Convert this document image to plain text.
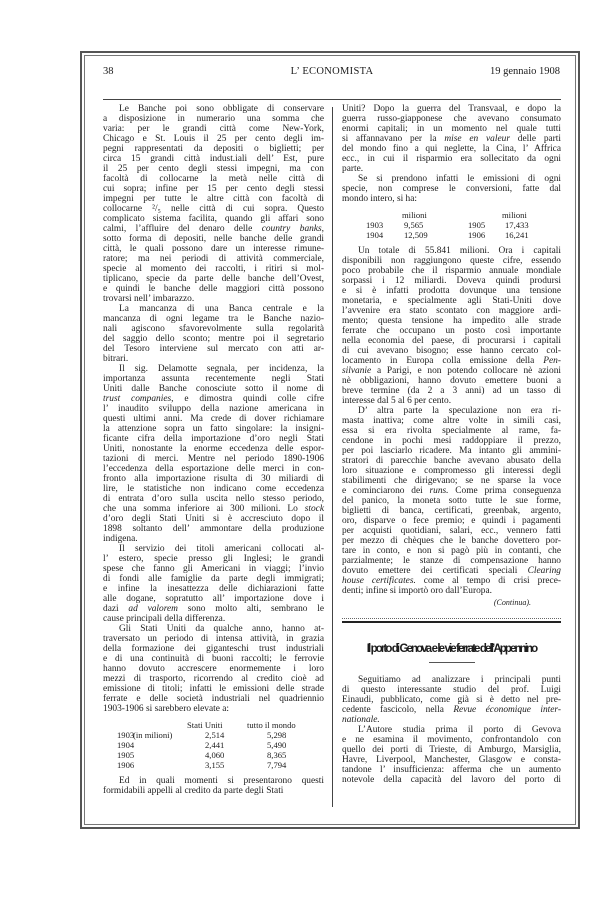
38	L’ ECONOMISTA	19 gennaio 1908
Le Banche poi sono obbligate di conservare
a disposizione in numerario una somma che
varia: per le grandi città come New-York,
Chicago e St. Louis il 25 per cento degli im-
pegni rappresentati da depositi o biglietti; per
circa 15 grandi città indust.iali dell’ Est, pure
il 25 per cento degli stessi impegni, ma con
facoltà di collocarne la metà nelle città di
cui sopra; infine per 15 per cento degli stessi
impegni per tutte le altre città con facoltà di
collocarne ²/₅ nelle città di cui sopra. Questo
complicato sistema facilita, quando gli affari sono
calmi, l’affluire del denaro delle country banks,
sotto forma di depositi, nelle banche delle grandi
città, le quali possono dare un interesse rimune-
ratore; ma nei periodi di attività commerciale,
specie al momento dei raccolti, i ritiri si mol-
tiplicano, specie da parte delle banche dell’Ovest,
e quindi le banche delle maggiori città possono
trovarsi nell’ imbarazzo.
La mancanza di una Banca centrale e la
mancanza di ogni legame tra le Banche nazio-
nali agiscono sfavorevolmente sulla regolarità
del saggio dello sconto; mentre poi il segretario
del Tesoro interviene sul mercato con atti ar-
bitrari.
Il sig. Delamotte segnala, per incidenza, la
importanza assunta recentemente negli Stati
Uniti dalle Banche conosciute sotto il nome di
trust companies, e dimostra quindi colle cifre
l’ inaudito sviluppo della nazione americana in
questi ultimi anni. Ma crede di dover richiamare
la attenzione sopra un fatto singolare: la insigni-
ficante cifra della importazione d’oro negli Stati
Uniti, nonostante la enorme eccedenza delle espor-
tazioni di merci. Mentre nel periodo 1890-1906
l’eccedenza della esportazione delle merci in con-
fronto alla importazione risulta di 30 miliardi di
lire, le statistiche non indicano come eccedenza
di entrata d’oro sulla uscita nello stesso periodo,
che una somma inferiore ai 300 milioni. Lo stock
d’oro degli Stati Uniti si è accresciuto dopo il
1898 soltanto dell’ ammontare della produzione
indigena.
Il servizio dei titoli americani collocati al-
l’ estero, specie presso gli Inglesi; le grandi
spese che fanno gli Americani in viaggi; l’invio
di fondi alle famiglie da parte degli immigrati;
e infine la inesattezza delle dichiarazioni fatte
alle dogane, sopratutto all’ importazione dove i
dazi ad valorem sono molto alti, sembrano le
cause principali della differenza.
Gli Stati Uniti da qualche anno, hanno at-
traversato un periodo di intensa attività, in grazia
della formazione dei giganteschi trust industriali
e di una continuità di buoni raccolti; le ferrovie
hanno dovuto accrescere enormemente i loro
mezzi di trasporto, ricorrendo al credito cioè ad
emissione di titoli; infatti le emissioni delle strade
ferrate e delle società industriali nel quadriennio
1903-1906 si sarebbero elevate a:
Stati Uniti	tutto il mondo
1903	2,514	5,298
(in milioni)
1904	2,441	5,490
1905	4,060	8,365
1906	3,155	7,794
Ed in quali momenti si presentarono questi
formidabili appelli al credito da parte degli Stati
Uniti? Dopo la guerra del Transvaal, e dopo la
guerra russo-giapponese che avevano consumato
enormi capitali; in un momento nel quale tutti
si affannavano per la mise en valeur delle parti
del mondo fino a qui neglette, la Cina, l’ Affrica
ecc., in cui il risparmio era sollecitato da ogni
parte.
Se si prendono infatti le emissioni di ogni
specie, non comprese le conversioni, fatte dal
mondo intero, si ha:
milioni	milioni
1903 9,565	1905 17,433
1904 12,509	1906 16,241
Un totale di 55.841 milioni. Ora i capitali
disponibili non raggiungono queste cifre, essendo
poco probabile che il risparmio annuale mondiale
sorpassi i 12 miliardi. Doveva quindi prodursi
e si è infatti prodotta dovunque una tensione
monetaria, e specialmente agli Stati-Uniti dove
l’avvenire era stato scontato con maggiore ardi-
mento; questa tensione ha impedito alle strade
ferrate che occupano un posto così importante
nella economia del paese, di procurarsi i capitali
di cui avevano bisogno; esse hanno cercato col-
locamento in Europa colla emissione della Pen-
silvanie a Parigi, e non potendo collocare nè azioni
nè obbligazioni, hanno dovuto emettere buoni a
breve termine (da 2 a 3 anni) ad un tasso di
interesse dal 5 al 6 per cento.
D’ altra parte la speculazione non era ri-
masta inattiva; come altre volte in simili casi,
essa si era rivolta specialmente al rame, fa-
cendone in pochi mesi raddoppiare il prezzo,
per poi lasciarlo ricadere. Ma intanto gli ammini-
stratori di parecchie banche avevano abusato della
loro situazione e compromesso gli interessi degli
stabilimenti che dirigevano; se ne sparse la voce
e cominciarono dei runs. Come prima conseguenza
del panico, la moneta sotto tutte le sue forme,
biglietti di banca, certificati, greenbak, argento,
oro, disparve o fece premio; e quindi i pagamenti
per acquisti quotidiani, salari, ecc., vennero fatti
per mezzo di chèques che le banche dovettero por-
tare in conto, e non si pagò più in contanti, che
parzialmente; le stanze di compensazione hanno
dovuto emettere dei certificati speciali Clearing
house certificates. come al tempo di crisi prece-
denti; infine si importò oro dall’Europa.
(Continua).
Il porto di Genova e le vie ferrate dell’Appennino
Seguitiamo ad analizzare i principali punti
di questo interessante studio del prof. Luigi
Einaudi, pubblicato, come già si è detto nel pre-
cedente fascicolo, nella Revue économique inter-
nationale.
L’Autore studia prima il porto di Gevova
e ne esamina il movimento, confrontandolo con
quello dei porti di Trieste, di Amburgo, Marsiglia,
Havre, Liverpool, Manchester, Glasgow e consta-
tandone l’ insufficienza: afferma che un aumento
notevole della capacità del lavoro del porto di
